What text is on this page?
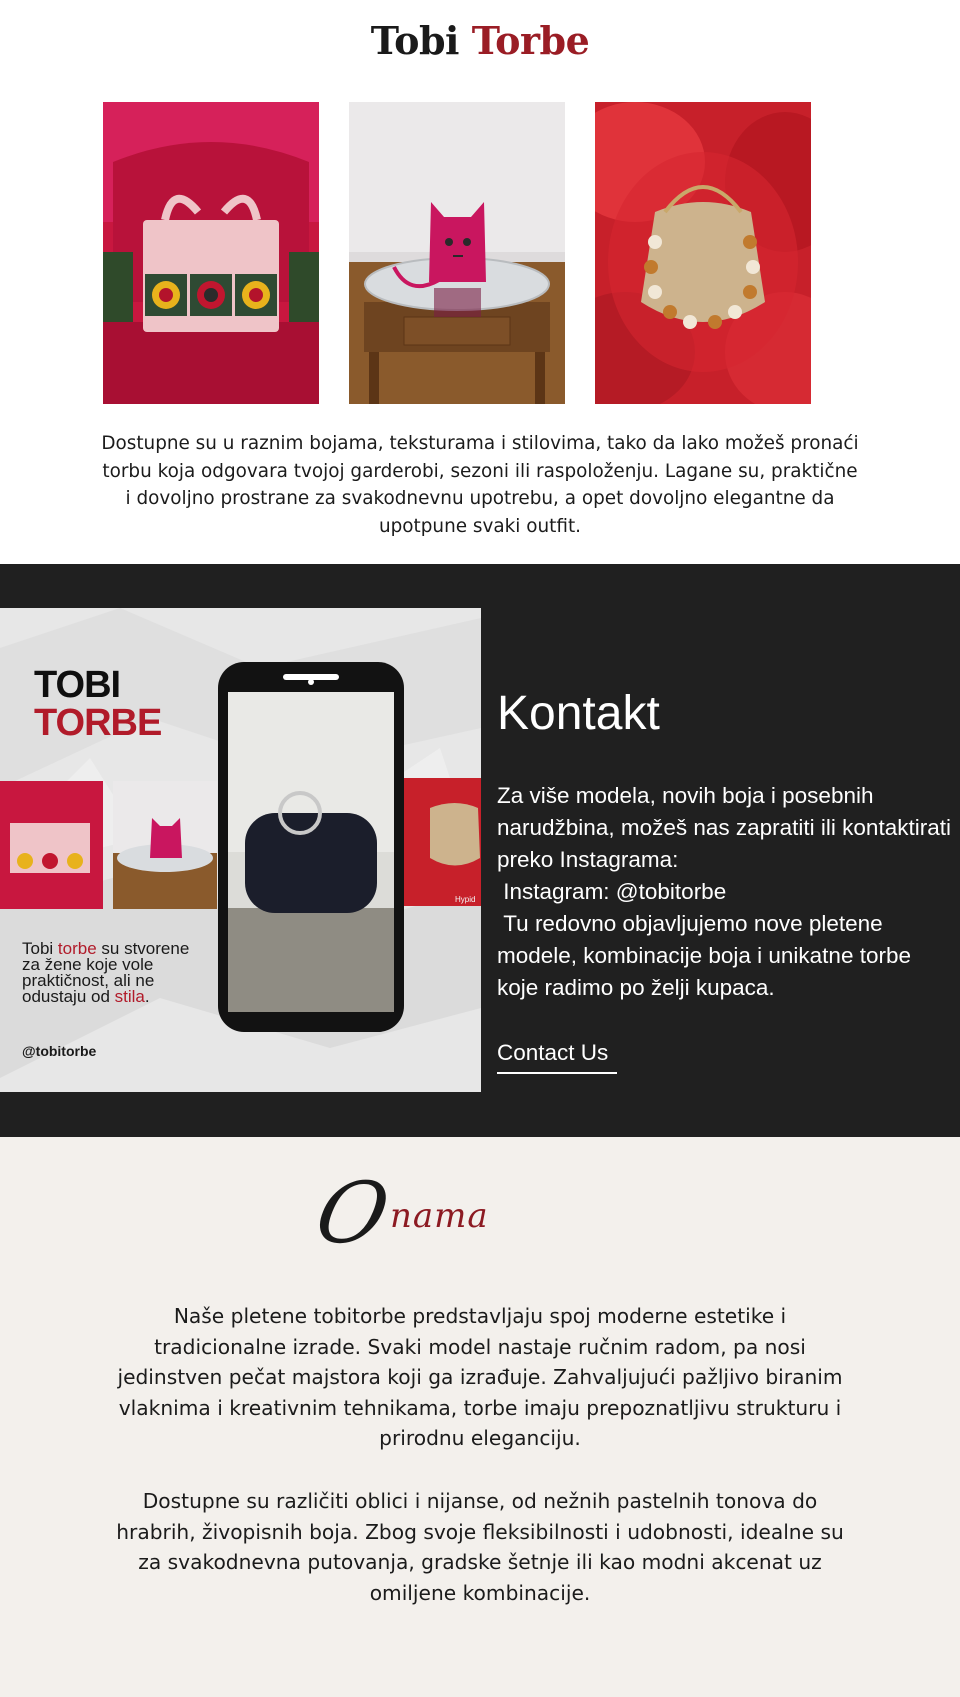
Tobi Torbe

Dostupne su u raznim bojama, teksturama i stilovima, tako da lako možeš pronaći torbu koja odgovara tvojoj garderobi, sezoni ili raspoloženju. Lagane su, praktične i dovoljno prostrane za svakodnevnu upotrebu, a opet dovoljno elegantne da upotpune svaki outfit.

TOBI
TORBE
Tobi torbe su stvorene za žene koje vole praktičnost, ali ne odustaju od stila.
@tobitorbe
Hypid
Kontakt

Za više modela, novih boja i posebnih narudžbina, možeš nas zapratiti ili kontaktirati preko Instagrama:

Instagram: @tobitorbe

Tu redovno objavljujemo nove pletene modele, kombinacije boja i unikatne torbe koje radimo po želji kupaca.

Contact Us
O
nama

Naše pletene tobitorbe predstavljaju spoj moderne estetike i tradicionalne izrade. Svaki model nastaje ručnim radom, pa nosi jedinstven pečat majstora koji ga izrađuje. Zahvaljujući pažljivo biranim vlaknima i kreativnim tehnikama, torbe imaju prepoznatljivu strukturu i prirodnu eleganciju.

Dostupne su različiti oblici i nijanse, od nežnih pastelnih tonova do hrabrih, živopisnih boja. Zbog svoje fleksibilnosti i udobnosti, idealne su za svakodnevna putovanja, gradske šetnje ili kao modni akcenat uz omiljene kombinacije.
